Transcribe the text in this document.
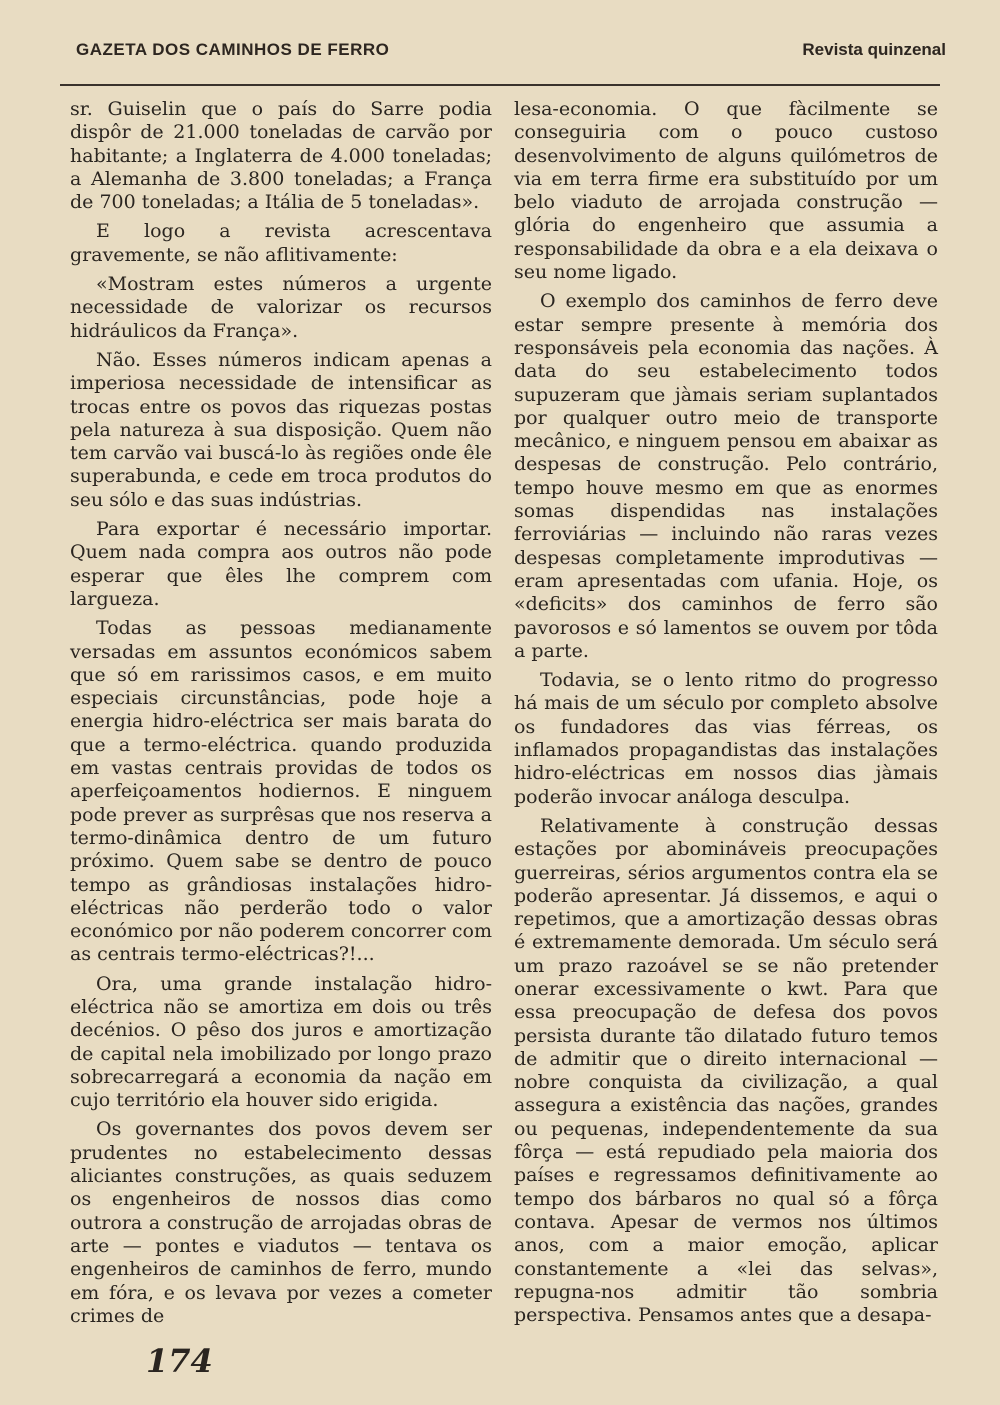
GAZETA DOS CAMINHOS DE FERRO	Revista quinzenal

sr. Guiselin que o país do Sarre podia dispôr de 21.000 toneladas de carvão por habitante; a Inglaterra de 4.000 toneladas; a Alemanha de 3.800 toneladas; a França de 700 toneladas; a Itália de 5 toneladas».

E logo a revista acrescentava gravemente, se não aflitivamente:

«Mostram estes números a urgente necessidade de valorizar os recursos hidráulicos da França».

Não. Esses números indicam apenas a imperiosa necessidade de intensificar as trocas entre os povos das riquezas postas pela natureza à sua disposição. Quem não tem carvão vai buscá-lo às regiões onde êle superabunda, e cede em troca produtos do seu sólo e das suas indústrias.

Para exportar é necessário importar. Quem nada compra aos outros não pode esperar que êles lhe comprem com largueza.

Todas as pessoas medianamente versadas em assuntos económicos sabem que só em rarissimos casos, e em muito especiais circunstâncias, pode hoje a energia hidro-eléctrica ser mais barata do que a termo-eléctrica. quando produzida em vastas centrais providas de todos os aperfeiçoamentos hodiernos. E ninguem pode prever as surprêsas que nos reserva a termo-dinâmica dentro de um futuro próximo. Quem sabe se dentro de pouco tempo as grândiosas instalações hidro-eléctricas não perderão todo o valor económico por não poderem concorrer com as centrais termo-eléctricas?!...

Ora, uma grande instalação hidro-eléctrica não se amortiza em dois ou três decénios. O pêso dos juros e amortização de capital nela imobilizado por longo prazo sobrecarregará a economia da nação em cujo território ela houver sido erigida.

Os governantes dos povos devem ser prudentes no estabelecimento dessas aliciantes construções, as quais seduzem os engenheiros de nossos dias como outrora a construção de arrojadas obras de arte — pontes e viadutos — tentava os engenheiros de caminhos de ferro, mundo em fóra, e os levava por vezes a cometer crimes de

lesa-economia. O que fàcilmente se conseguiria com o pouco custoso desenvolvimento de alguns quilómetros de via em terra firme era substituído por um belo viaduto de arrojada construção — glória do engenheiro que assumia a responsabilidade da obra e a ela deixava o seu nome ligado.

O exemplo dos caminhos de ferro deve estar sempre presente à memória dos responsáveis pela economia das nações. À data do seu estabelecimento todos supuzeram que jàmais seriam suplantados por qualquer outro meio de transporte mecânico, e ninguem pensou em abaixar as despesas de construção. Pelo contrário, tempo houve mesmo em que as enormes somas dispendidas nas instalações ferroviárias — incluindo não raras vezes despesas completamente improdutivas — eram apresentadas com ufania. Hoje, os «deficits» dos caminhos de ferro são pavorosos e só lamentos se ouvem por tôda a parte.

Todavia, se o lento ritmo do progresso há mais de um século por completo absolve os fundadores das vias férreas, os inflamados propagandistas das instalações hidro-eléctricas em nossos dias jàmais poderão invocar análoga desculpa.

Relativamente à construção dessas estações por abomináveis preocupações guerreiras, sérios argumentos contra ela se poderão apresentar. Já dissemos, e aqui o repetimos, que a amortização dessas obras é extremamente demorada. Um século será um prazo razoável se se não pretender onerar excessivamente o kwt. Para que essa preocupação de defesa dos povos persista durante tão dilatado futuro temos de admitir que o direito internacional — nobre conquista da civilização, a qual assegura a existência das nações, grandes ou pequenas, independentemente da sua fôrça — está repudiado pela maioria dos países e regressamos definitivamente ao tempo dos bárbaros no qual só a fôrça contava. Apesar de vermos nos últimos anos, com a maior emoção, aplicar constantemente a «lei das selvas», repugna-nos admitir tão sombria perspectiva. Pensamos antes que a desapa-

174
